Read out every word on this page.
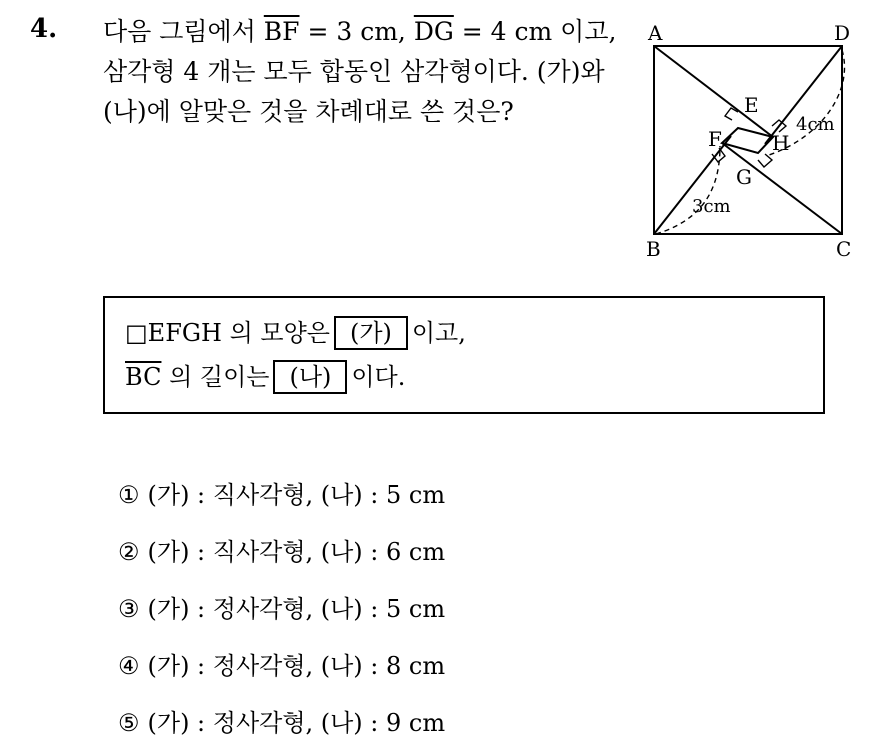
4. 다음 그림에서 $\overline{BF} = 3$ cm, $\overline{DG} = 4$ cm 이고,
삼각형 4 개는 모두 합동인 삼각형이다. (가)와
(나)에 알맞은 것을 차례대로 쓴 것은?
A	D
B	C
E
F
G
H
3cm
4cm
□EFGH 의 모양은 (가) 이고,
$\overline{BC}$ 의 길이는 (나) 이다.
① (가) : 직사각형, (나) : 5 cm
② (가) : 직사각형, (나) : 6 cm
③ (가) : 정사각형, (나) : 5 cm
④ (가) : 정사각형, (나) : 8 cm
⑤ (가) : 정사각형, (나) : 9 cm
